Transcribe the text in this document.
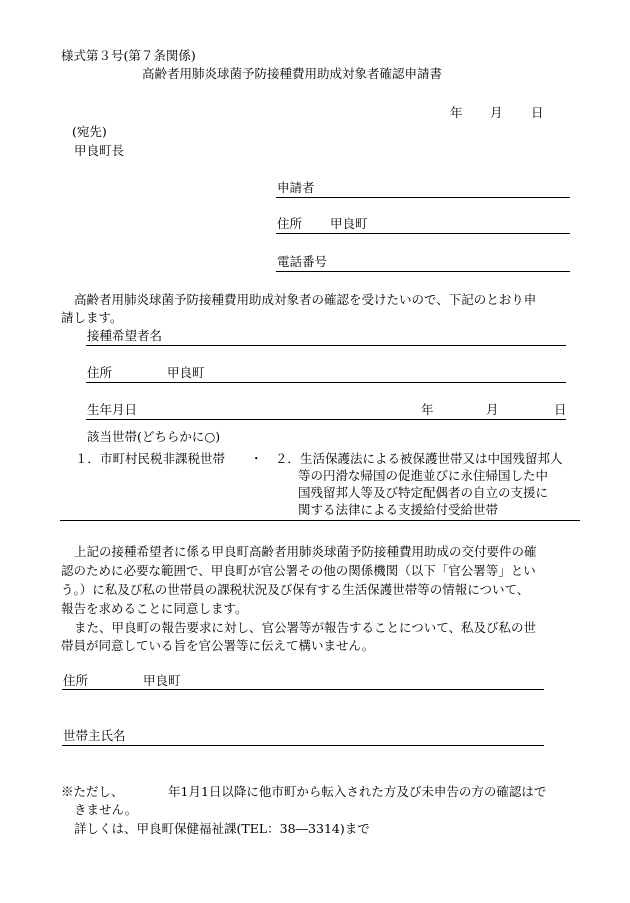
様式第３号(第７条関係)
高齢者用肺炎球菌予防接種費用助成対象者確認申請書
年 月 日
(宛先)
甲良町長
申請者
住所 甲良町
電話番号
高齢者用肺炎球菌予防接種費用助成対象者の確認を受けたいので、下記のとおり申
請します。
接種希望者名
住所	甲良町
生年月日	年	月	日
該当世帯(どちらかに○)
１．市町村民税非課税世帯 ・ ２．生活保護法による被保護世帯又は中国残留邦人
等の円滑な帰国の促進並びに永住帰国した中
国残留邦人等及び特定配偶者の自立の支援に
関する法律による支援給付受給世帯
上記の接種希望者に係る甲良町高齢者用肺炎球菌予防接種費用助成の交付要件の確
認のために必要な範囲で、甲良町が官公署その他の関係機関（以下「官公署等」とい
う。）に私及び私の世帯員の課税状況及び保有する生活保護世帯等の情報について、
報告を求めることに同意します。
また、甲良町の報告要求に対し、官公署等が報告することについて、私及び私の世
帯員が同意している旨を官公署等に伝えて構いません。
住所	甲良町
世帯主氏名
※ただし、	年1月1日以降に他市町から転入された方及び未申告の方の確認はで
きません。
詳しくは、甲良町保健福祉課(TEL：38―3314)まで
